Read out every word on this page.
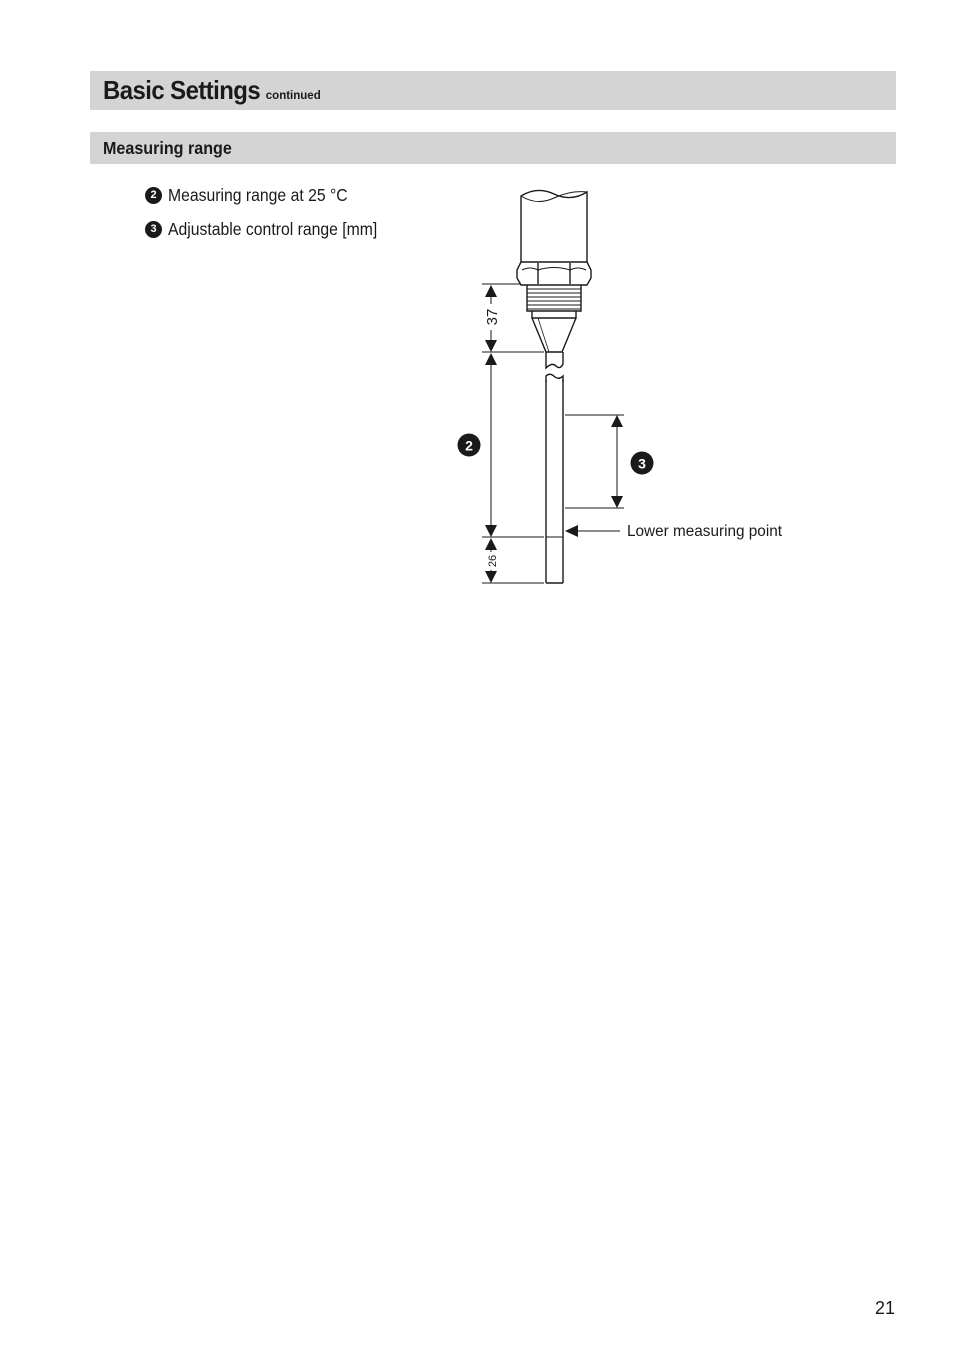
Basic Settings continued
Measuring range
2 Measuring range at 25 °C
3 Adjustable control range [mm]
37
26
2
3
Lower measuring point
21
